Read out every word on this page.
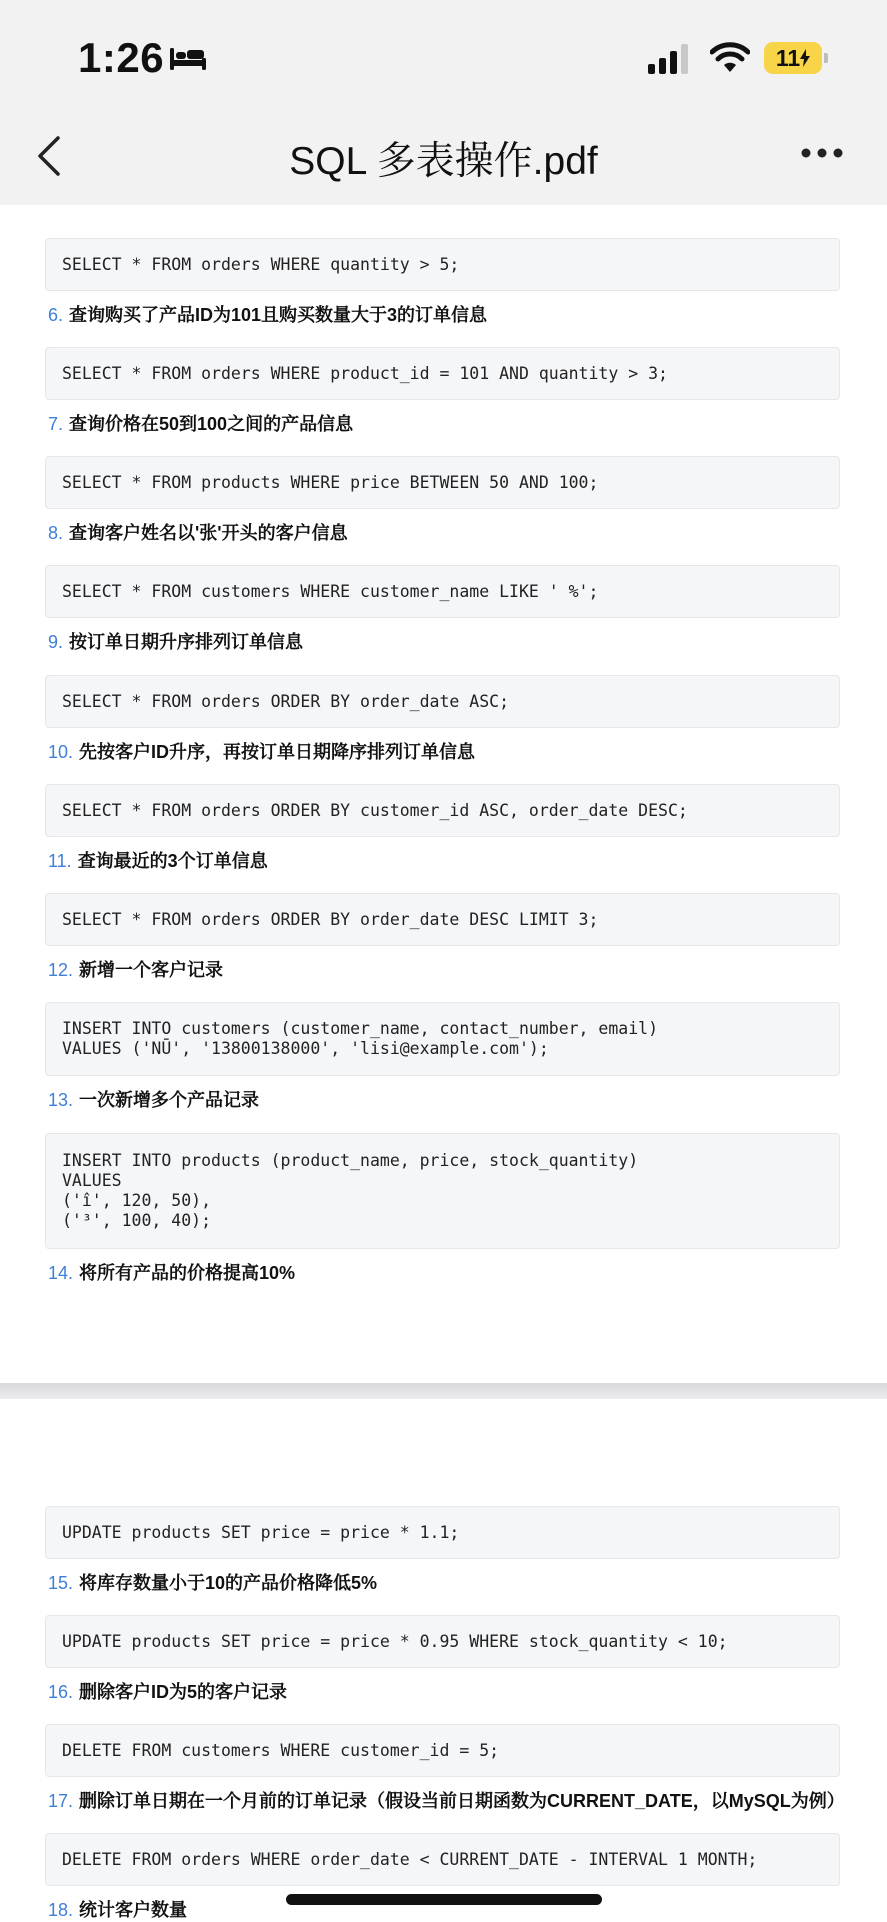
1:26	11
SQL 多表操作.pdf
SELECT * FROM orders WHERE quantity > 5;
6. 查询购买了产品ID为101且购买数量大于3的订单信息
SELECT * FROM orders WHERE product_id = 101 AND quantity > 3;
7. 查询价格在50到100之间的产品信息
SELECT * FROM products WHERE price BETWEEN 50 AND 100;
8. 查询客户姓名以'张'开头的客户信息
SELECT * FROM customers WHERE customer_name LIKE ' %';
9. 按订单日期升序排列订单信息
SELECT * FROM orders ORDER BY order_date ASC;
10. 先按客户ID升序，再按订单日期降序排列订单信息
SELECT * FROM orders ORDER BY customer_id ASC, order_date DESC;
11. 查询最近的3个订单信息
SELECT * FROM orders ORDER BY order_date DESC LIMIT 3;
12. 新增一个客户记录
INSERT INTO customers (customer_name, contact_number, email)
VALUES ('NŪ', '13800138000', 'lisi@example.com');
13. 一次新增多个产品记录
INSERT INTO products (product_name, price, stock_quantity)
VALUES
('î', 120, 50),
('³', 100, 40);
14. 将所有产品的价格提高10%
UPDATE products SET price = price * 1.1;
15. 将库存数量小于10的产品价格降低5%
UPDATE products SET price = price * 0.95 WHERE stock_quantity < 10;
16. 删除客户ID为5的客户记录
DELETE FROM customers WHERE customer_id = 5;
17. 删除订单日期在一个月前的订单记录（假设当前日期函数为CURRENT_DATE，以MySQL为例）
DELETE FROM orders WHERE order_date < CURRENT_DATE - INTERVAL 1 MONTH;
18. 统计客户数量
